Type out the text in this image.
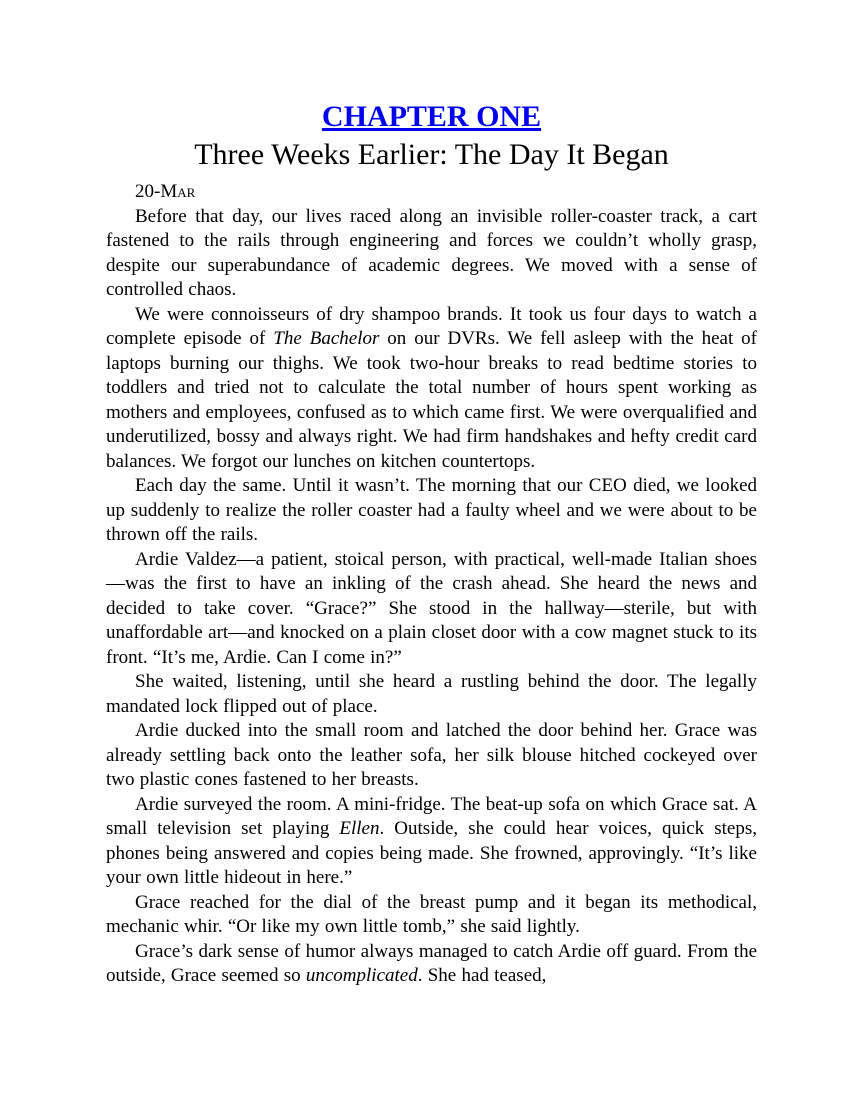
CHAPTER ONE
Three Weeks Earlier: The Day It Began
20-Mar

Before that day, our lives raced along an invisible roller-coaster track, a cart fastened to the rails through engineering and forces we couldn’t wholly grasp, despite our superabundance of academic degrees. We moved with a sense of controlled chaos.

We were connoisseurs of dry shampoo brands. It took us four days to watch a complete episode of The Bachelor on our DVRs. We fell asleep with the heat of laptops burning our thighs. We took two-hour breaks to read bedtime stories to toddlers and tried not to calculate the total number of hours spent working as mothers and employees, confused as to which came first. We were overqualified and underutilized, bossy and always right. We had firm handshakes and hefty credit card balances. We forgot our lunches on kitchen countertops.

Each day the same. Until it wasn’t. The morning that our CEO died, we looked up suddenly to realize the roller coaster had a faulty wheel and we were about to be thrown off the rails.

Ardie Valdez—a patient, stoical person, with practical, well-made Italian shoes—was the first to have an inkling of the crash ahead. She heard the news and decided to take cover. “Grace?” She stood in the hallway—sterile, but with unaffordable art—and knocked on a plain closet door with a cow magnet stuck to its front. “It’s me, Ardie. Can I come in?”

She waited, listening, until she heard a rustling behind the door. The legally mandated lock flipped out of place.

Ardie ducked into the small room and latched the door behind her. Grace was already settling back onto the leather sofa, her silk blouse hitched cockeyed over two plastic cones fastened to her breasts.

Ardie surveyed the room. A mini-fridge. The beat-up sofa on which Grace sat. A small television set playing Ellen. Outside, she could hear voices, quick steps, phones being answered and copies being made. She frowned, approvingly. “It’s like your own little hideout in here.”

Grace reached for the dial of the breast pump and it began its methodical, mechanic whir. “Or like my own little tomb,” she said lightly.

Grace’s dark sense of humor always managed to catch Ardie off guard. From the outside, Grace seemed so uncomplicated. She had teased,
